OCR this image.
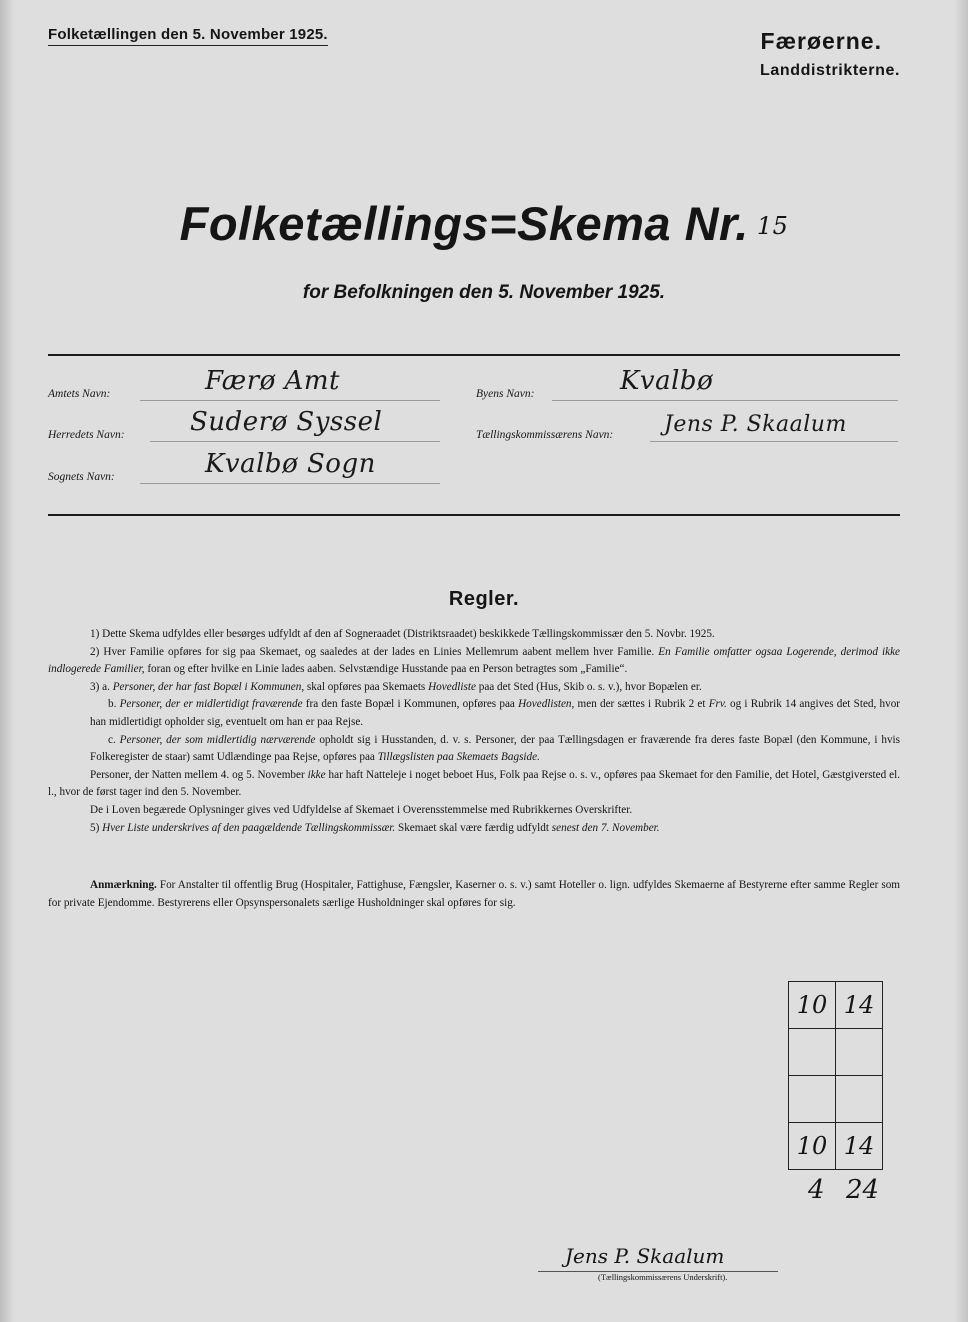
Folketællingen den 5. November 1925.	Færøerne.
Landdistrikterne.
Folketællings=Skema Nr. 15
for Befolkningen den 5. November 1925.
Amtets Navn:	Færø Amt
Herredets Navn:	Suderø Syssel
Sognets Navn:	Kvalbø Sogn
Byens Navn:	Kvalbø
Tællingskommissærens Navn: Jens P. Skaalum
Regler.

1) Dette Skema udfyldes eller besørges udfyldt af den af Sogneraadet (Distriktsraadet) beskikkede Tællingskommissær den 5. Novbr. 1925.

2) Hver Familie opføres for sig paa Skemaet, og saaledes at der lades en Linies Mellemrum aabent mellem hver Familie. En Familie omfatter ogsaa Logerende, derimod ikke indlogerede Familier, foran og efter hvilke en Linie lades aaben. Selvstændige Husstande paa en Person betragtes som „Familie“.

3) a. Personer, der har fast Bopæl i Kommunen, skal opføres paa Skemaets Hovedliste paa det Sted (Hus, Skib o. s. v.), hvor Bopælen er.

b. Personer, der er midlertidigt fraværende fra den faste Bopæl i Kommunen, opføres paa Hovedlisten, men der sættes i Rubrik 2 et Frv. og i Rubrik 14 angives det Sted, hvor han midlertidigt opholder sig, eventuelt om han er paa Rejse.

c. Personer, der som midlertidig nærværende opholdt sig i Husstanden, d. v. s. Personer, der paa Tællingsdagen er fraværende fra deres faste Bopæl (den Kommune, i hvis Folkeregister de staar) samt Udlændinge paa Rejse, opføres paa Tillægslisten paa Skemaets Bagside.

Personer, der Natten mellem 4. og 5. November ikke har haft Natteleje i noget beboet Hus, Folk paa Rejse o. s. v., opføres paa Skemaet for den Familie, det Hotel, Gæstgiversted el. l., hvor de først tager ind den 5. November.

De i Loven begærede Oplysninger gives ved Udfyldelse af Skemaet i Overensstemmelse med Rubrikkernes Overskrifter.

5) Hver Liste underskrives af den paagældende Tællingskommissær. Skemaet skal være færdig udfyldt senest den 7. November.

Anmærkning. For Anstalter til offentlig Brug (Hospitaler, Fattighuse, Fængsler, Kaserner o. s. v.) samt Hoteller o. lign. udfyldes Skemaerne af Bestyrerne efter samme Regler som for private Ejendomme. Bestyrerens eller Opsynspersonalets særlige Husholdninger skal opføres for sig.

10	14

10	14
4 24
Jens P. Skaalum
(Tællingskommissærens Underskrift).
